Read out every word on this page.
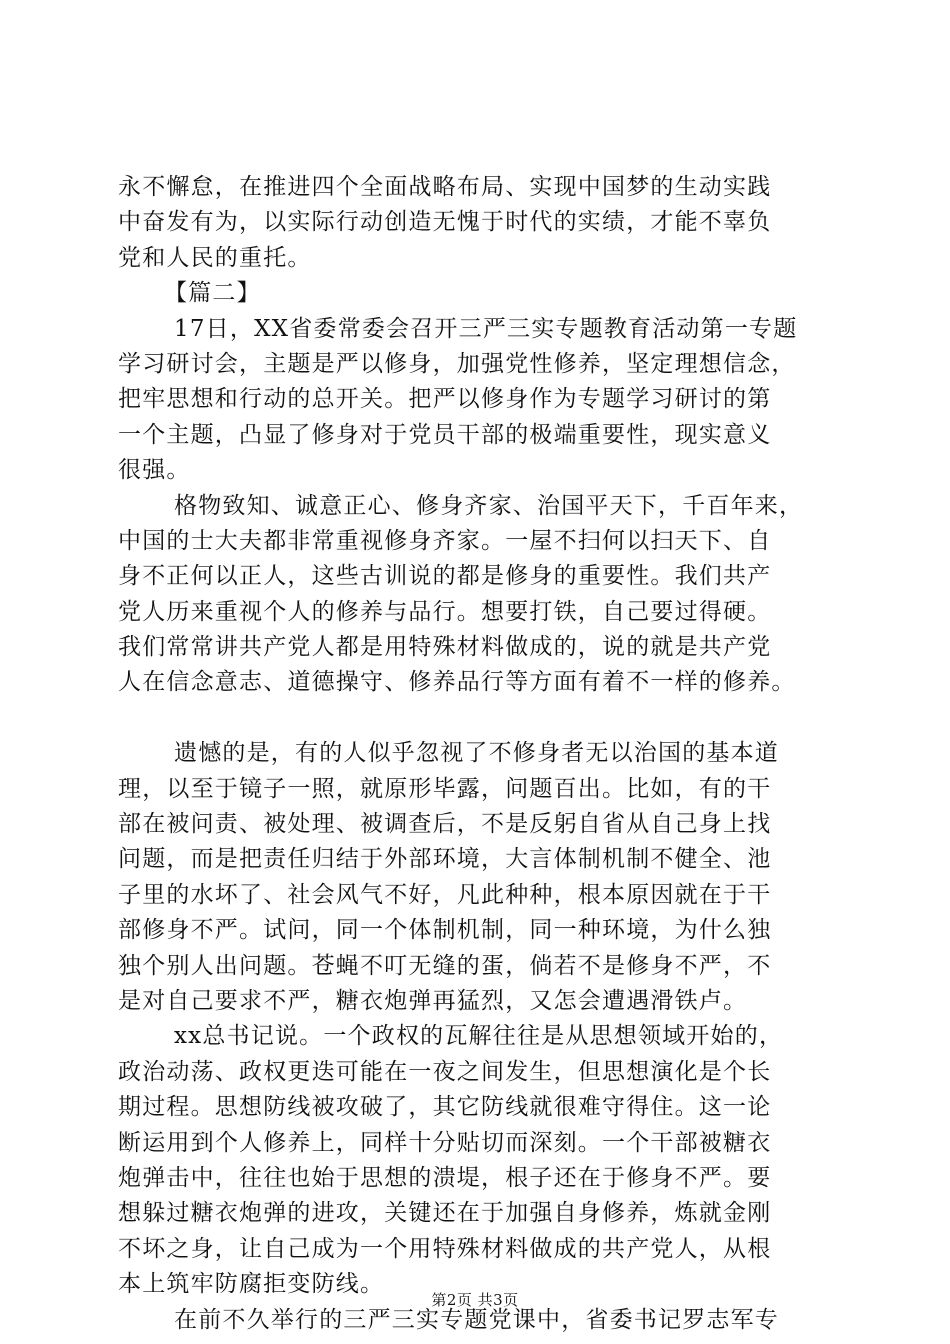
永不懈怠，在推进四个全面战略布局、实现中国梦的生动实践
中奋发有为，以实际行动创造无愧于时代的实绩，才能不辜负
党和人民的重托。
【篇二】
17日，XX省委常委会召开三严三实专题教育活动第一专题
学习研讨会，主题是严以修身，加强党性修养，坚定理想信念，
把牢思想和行动的总开关。把严以修身作为专题学习研讨的第
一个主题，凸显了修身对于党员干部的极端重要性，现实意义
很强。
格物致知、诚意正心、修身齐家、治国平天下，千百年来，
中国的士大夫都非常重视修身齐家。一屋不扫何以扫天下、自
身不正何以正人，这些古训说的都是修身的重要性。我们共产
党人历来重视个人的修养与品行。想要打铁，自己要过得硬。
我们常常讲共产党人都是用特殊材料做成的，说的就是共产党
人在信念意志、道德操守、修养品行等方面有着不一样的修养。
遗憾的是，有的人似乎忽视了不修身者无以治国的基本道
理，以至于镜子一照，就原形毕露，问题百出。比如，有的干
部在被问责、被处理、被调查后，不是反躬自省从自己身上找
问题，而是把责任归结于外部环境，大言体制机制不健全、池
子里的水坏了、社会风气不好，凡此种种，根本原因就在于干
部修身不严。试问，同一个体制机制，同一种环境，为什么独
独个别人出问题。苍蝇不叮无缝的蛋，倘若不是修身不严，不
是对自己要求不严，糖衣炮弹再猛烈，又怎会遭遇滑铁卢。
xx总书记说。一个政权的瓦解往往是从思想领域开始的，
政治动荡、政权更迭可能在一夜之间发生，但思想演化是个长
期过程。思想防线被攻破了，其它防线就很难守得住。这一论
断运用到个人修养上，同样十分贴切而深刻。一个干部被糖衣
炮弹击中，往往也始于思想的溃堤，根子还在于修身不严。要
想躲过糖衣炮弹的进攻，关键还在于加强自身修养，炼就金刚
不坏之身，让自己成为一个用特殊材料做成的共产党人，从根
本上筑牢防腐拒变防线。
在前不久举行的三严三实专题党课中，省委书记罗志军专
第2页 共3页
